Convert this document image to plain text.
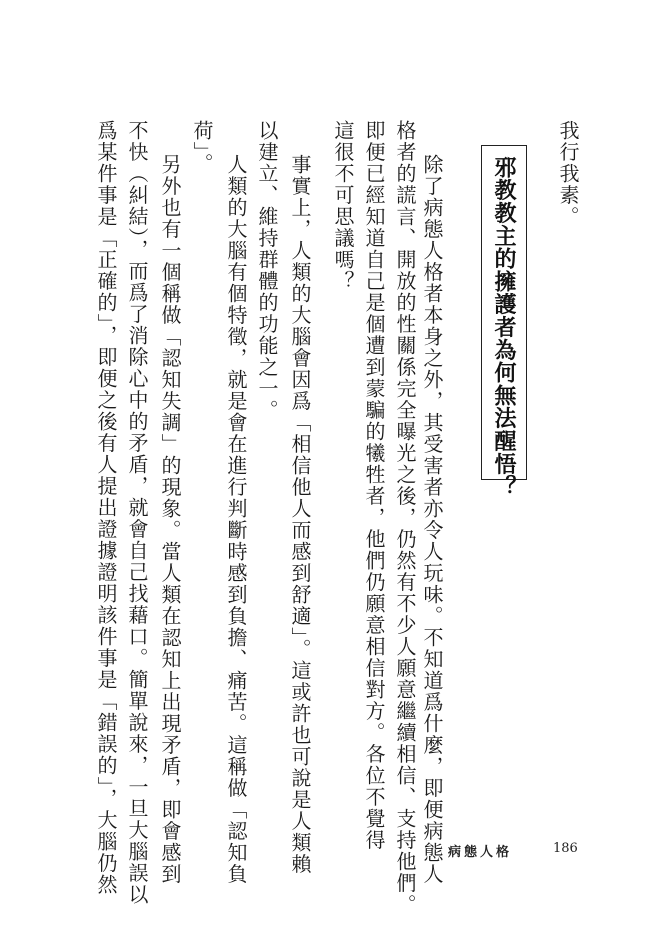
我行我素。
邪教教主的擁護者為何無法醒悟？
除了病態人格者本身之外，其受害者亦令人玩味。不知道爲什麼，即便病態人
格者的謊言、開放的性關係完全曝光之後，仍然有不少人願意繼續相信、支持他們。
即便已經知道自己是個遭到蒙騙的犧牲者，他們仍願意相信對方。各位不覺得
這很不可思議嗎？
事實上，人類的大腦會因爲「相信他人而感到舒適」。這或許也可說是人類賴
以建立、維持群體的功能之一。
人類的大腦有個特徵，就是會在進行判斷時感到負擔、痛苦。這稱做「認知負
荷」。
另外也有一個稱做「認知失調」的現象。當人類在認知上出現矛盾，即會感到
不快（糾結），而爲了消除心中的矛盾，就會自己找藉口。簡單說來，一旦大腦誤以
爲某件事是「正確的」，即便之後有人提出證據證明該件事是「錯誤的」，大腦仍然	病態人格	186
